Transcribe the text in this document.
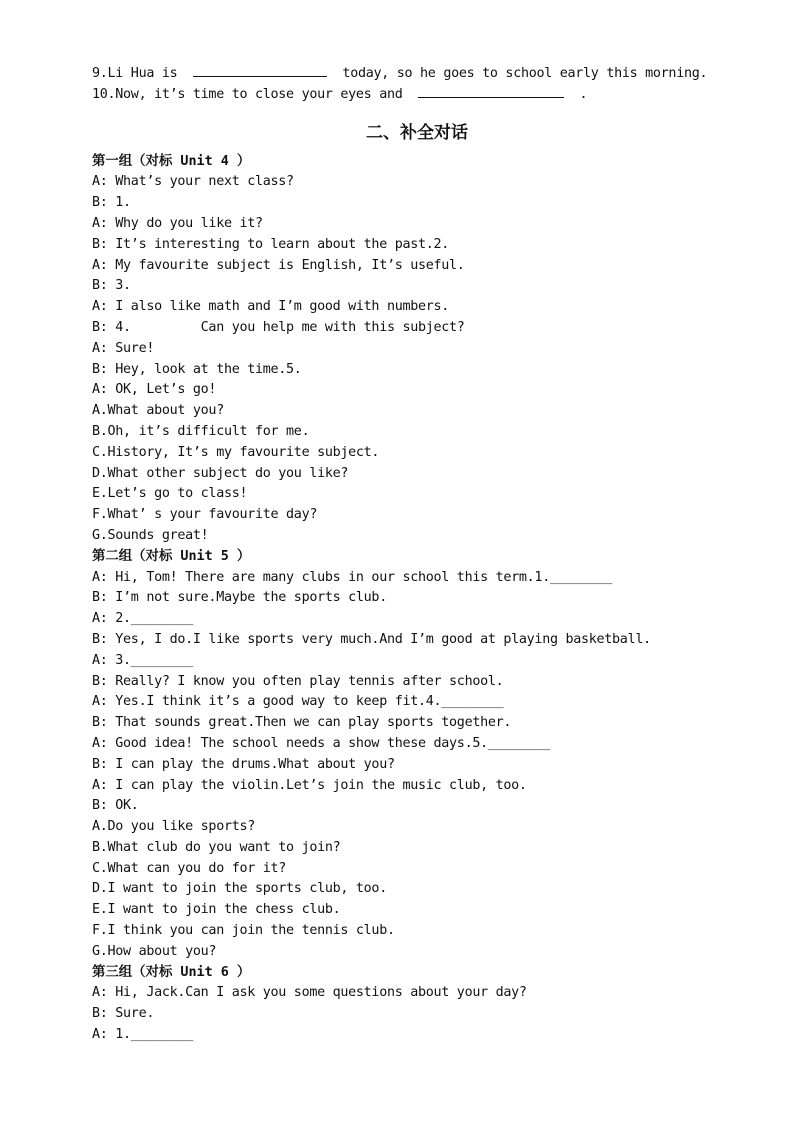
9.Li Hua is	today, so he goes to school early this morning.
10.Now, it’s time to close your eyes and	.
二、补全对话
第一组（对标 Unit 4 ）
A: What’s your next class?
B: 1.
A: Why do you like it?
B: It’s interesting to learn about the past.2.
A: My favourite subject is English, It’s useful.
B: 3.
A: I also like math and I’m good with numbers.
B: 4.         Can you help me with this subject?
A: Sure!
B: Hey, look at the time.5.
A: OK, Let’s go!
A.What about you?
B.Oh, it’s difficult for me.
C.History, It’s my favourite subject.
D.What other subject do you like?
E.Let’s go to class!
F.What’ s your favourite day?
G.Sounds great!
第二组（对标 Unit 5 ）
A: Hi, Tom! There are many clubs in our school this term.1.________
B: I’m not sure.Maybe the sports club.
A: 2.________
B: Yes, I do.I like sports very much.And I’m good at playing basketball.
A: 3.________
B: Really? I know you often play tennis after school.
A: Yes.I think it’s a good way to keep fit.4.________
B: That sounds great.Then we can play sports together.
A: Good idea! The school needs a show these days.5.________
B: I can play the drums.What about you?
A: I can play the violin.Let’s join the music club, too.
B: OK.
A.Do you like sports?
B.What club do you want to join?
C.What can you do for it?
D.I want to join the sports club, too.
E.I want to join the chess club.
F.I think you can join the tennis club.
G.How about you?
第三组（对标 Unit 6 ）
A: Hi, Jack.Can I ask you some questions about your day?
B: Sure.
A: 1.________
